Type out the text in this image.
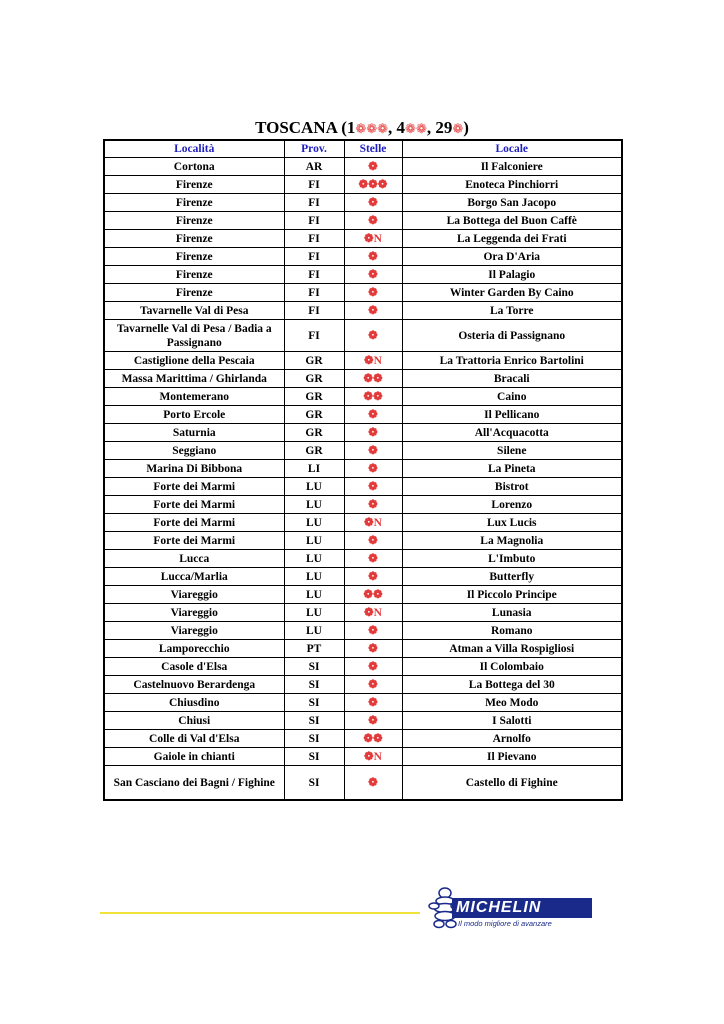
TOSCANA (1❁❁❁, 4❁❁, 29❁)
Località	Prov.	Stelle	Locale
Cortona	AR	❁	Il Falconiere
Firenze	FI	❁❁❁	Enoteca Pinchiorri
Firenze	FI	❁	Borgo San Jacopo
Firenze	FI	❁	La Bottega del Buon Caffè
Firenze	FI	❁N	La Leggenda dei Frati
Firenze	FI	❁	Ora D'Aria
Firenze	FI	❁	Il Palagio
Firenze	FI	❁	Winter Garden By Caino
Tavarnelle Val di Pesa	FI	❁	La Torre
Tavarnelle Val di Pesa / Badia a Passignano	FI	❁	Osteria di Passignano
Castiglione della Pescaia	GR	❁N	La Trattoria Enrico Bartolini
Massa Marittima / Ghirlanda	GR	❁❁	Bracali
Montemerano	GR	❁❁	Caino
Porto Ercole	GR	❁	Il Pellicano
Saturnia	GR	❁	All'Acquacotta
Seggiano	GR	❁	Silene
Marina Di Bibbona	LI	❁	La Pineta
Forte dei Marmi	LU	❁	Bistrot
Forte dei Marmi	LU	❁	Lorenzo
Forte dei Marmi	LU	❁N	Lux Lucis
Forte dei Marmi	LU	❁	La Magnolia
Lucca	LU	❁	L'Imbuto
Lucca/Marlia	LU	❁	Butterfly
Viareggio	LU	❁❁	Il Piccolo Principe
Viareggio	LU	❁N	Lunasia
Viareggio	LU	❁	Romano
Lamporecchio	PT	❁	Atman a Villa Rospigliosi
Casole d'Elsa	SI	❁	Il Colombaio
Castelnuovo Berardenga	SI	❁	La Bottega del 30
Chiusdino	SI	❁	Meo Modo
Chiusi	SI	❁	I Salotti
Colle di Val d'Elsa	SI	❁❁	Arnolfo
Gaiole in chianti	SI	❁N	Il Pievano
San Casciano dei Bagni / Fighine	SI	❁	Castello di Fighine
MICHELIN
Il modo migliore di avanzare
